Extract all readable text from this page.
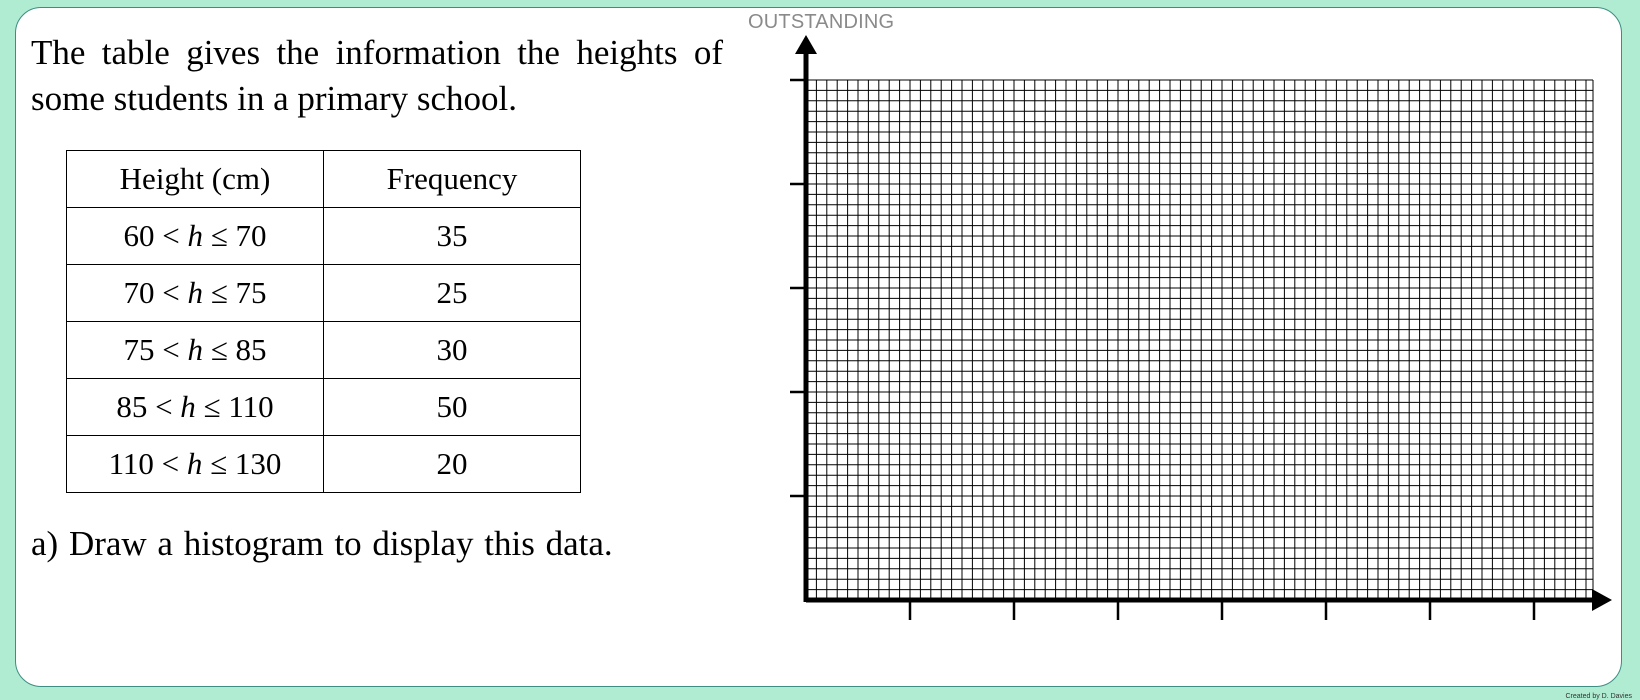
OUTSTANDING

The table gives the information the heights of some students in a primary school.

Height (cm)	Frequency
60 < h ≤ 70	35
70 < h ≤ 75	25
75 < h ≤ 85	30
85 < h ≤ 110	50
110 < h ≤ 130	20

a) Draw a histogram to display this data.

Created by D. Davies
